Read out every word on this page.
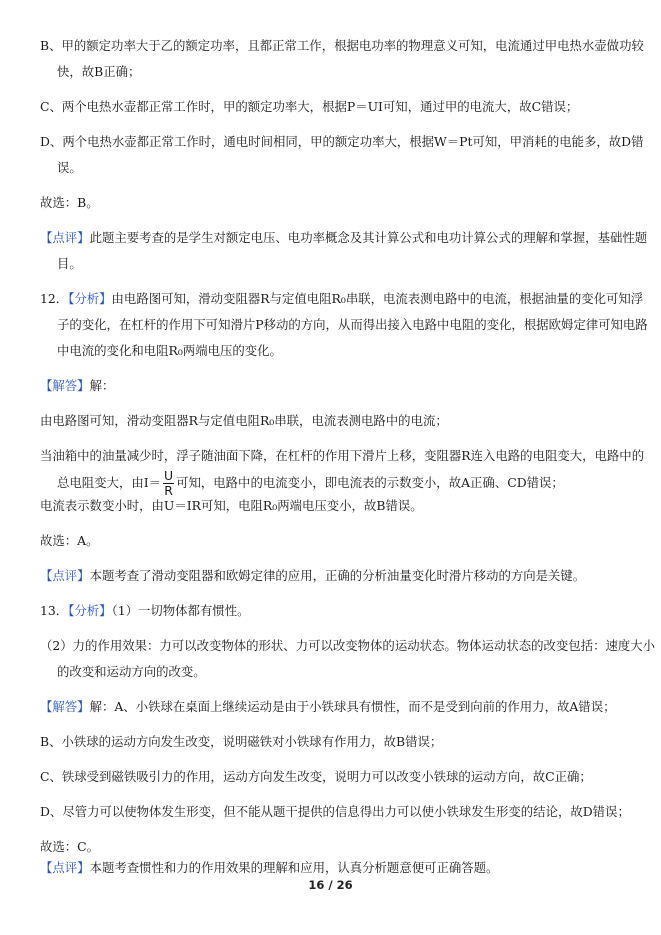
B、甲的额定功率大于乙的额定功率，且都正常工作，根据电功率的物理意义可知，电流通过甲电热水壶做功较
快，故B正确；
C、两个电热水壶都正常工作时，甲的额定功率大，根据P＝UI可知，通过甲的电流大，故C错误；
D、两个电热水壶都正常工作时，通电时间相同，甲的额定功率大，根据W＝Pt可知，甲消耗的电能多，故D错
误。
故选：B。
【点评】此题主要考查的是学生对额定电压、电功率概念及其计算公式和电功计算公式的理解和掌握，基础性题
目。
12．【分析】由电路图可知，滑动变阻器R与定值电阻R₀串联，电流表测电路中的电流，根据油量的变化可知浮
子的变化，在杠杆的作用下可知滑片P移动的方向，从而得出接入电路中电阻的变化，根据欧姆定律可知电路
中电流的变化和电阻R₀两端电压的变化。
【解答】解：
由电路图可知，滑动变阻器R与定值电阻R₀串联，电流表测电路中的电流；
当油箱中的油量减少时，浮子随油面下降，在杠杆的作用下滑片上移，变阻器R连入电路的电阻变大，电路中的
总电阻变大，由$I= \frac{U}{R}$ 可知，电路中的电流变小，即电流表的示数变小，故A正确、CD错误；
电流表示数变小时，由U＝IR可知，电阻R₀两端电压变小，故B错误。
故选：A。
【点评】本题考查了滑动变阻器和欧姆定律的应用，正确的分析油量变化时滑片移动的方向是关键。
13．【分析】（1）一切物体都有惯性。
（2）力的作用效果：力可以改变物体的形状、力可以改变物体的运动状态。物体运动状态的改变包括：速度大小
的改变和运动方向的改变。
【解答】解：A、小铁球在桌面上继续运动是由于小铁球具有惯性，而不是受到向前的作用力，故A错误；
B、小铁球的运动方向发生改变，说明磁铁对小铁球有作用力，故B错误；
C、铁球受到磁铁吸引力的作用，运动方向发生改变，说明力可以改变小铁球的运动方向，故C正确；
D、尽管力可以使物体发生形变，但不能从题干提供的信息得出力可以使小铁球发生形变的结论，故D错误；
故选：C。
【点评】本题考查惯性和力的作用效果的理解和应用，认真分析题意便可正确答题。
16 / 26
